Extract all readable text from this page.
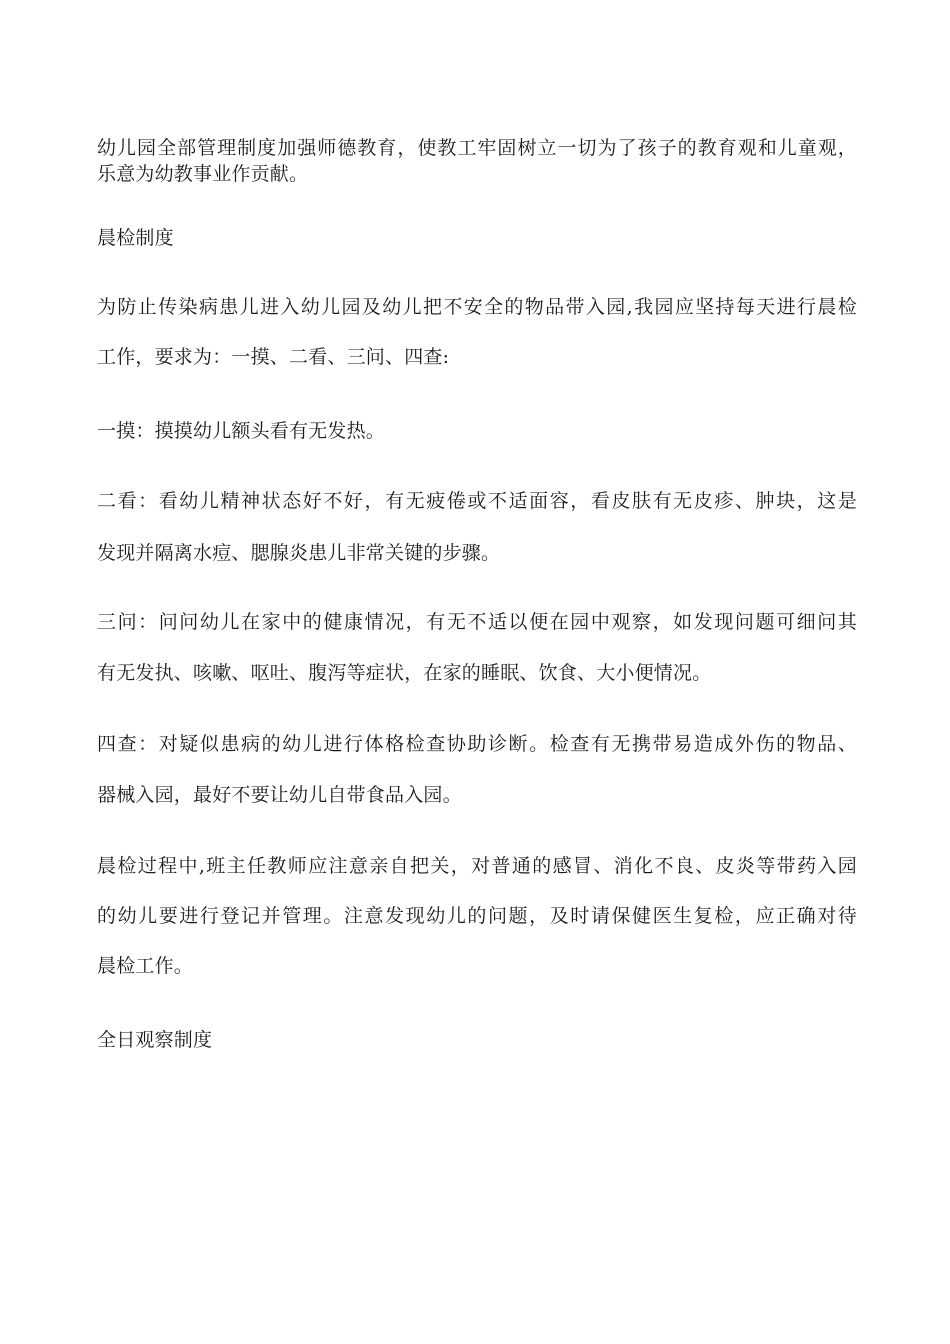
幼儿园全部管理制度加强师德教育，使教工牢固树立一切为了孩子的教育观和儿童观，

乐意为幼教事业作贡献。

晨检制度

为防止传染病患儿进入幼儿园及幼儿把不安全的物品带入园,我园应坚持每天进行晨检

工作，要求为：一摸、二看、三问、四查:

一摸：摸摸幼儿额头看有无发热。

二看：看幼儿精神状态好不好，有无疲倦或不适面容，看皮肤有无皮疹、肿块，这是

发现并隔离水痘、腮腺炎患儿非常关键的步骤。

三问：问问幼儿在家中的健康情况，有无不适以便在园中观察，如发现问题可细问其

有无发执、咳嗽、呕吐、腹泻等症状，在家的睡眠、饮食、大小便情况。

四查：对疑似患病的幼儿进行体格检查协助诊断。检查有无携带易造成外伤的物品、

器械入园，最好不要让幼儿自带食品入园。

晨检过程中,班主任教师应注意亲自把关，对普通的感冒、消化不良、皮炎等带药入园

的幼儿要进行登记并管理。注意发现幼儿的问题，及时请保健医生复检，应正确对待

晨检工作。

全日观察制度
